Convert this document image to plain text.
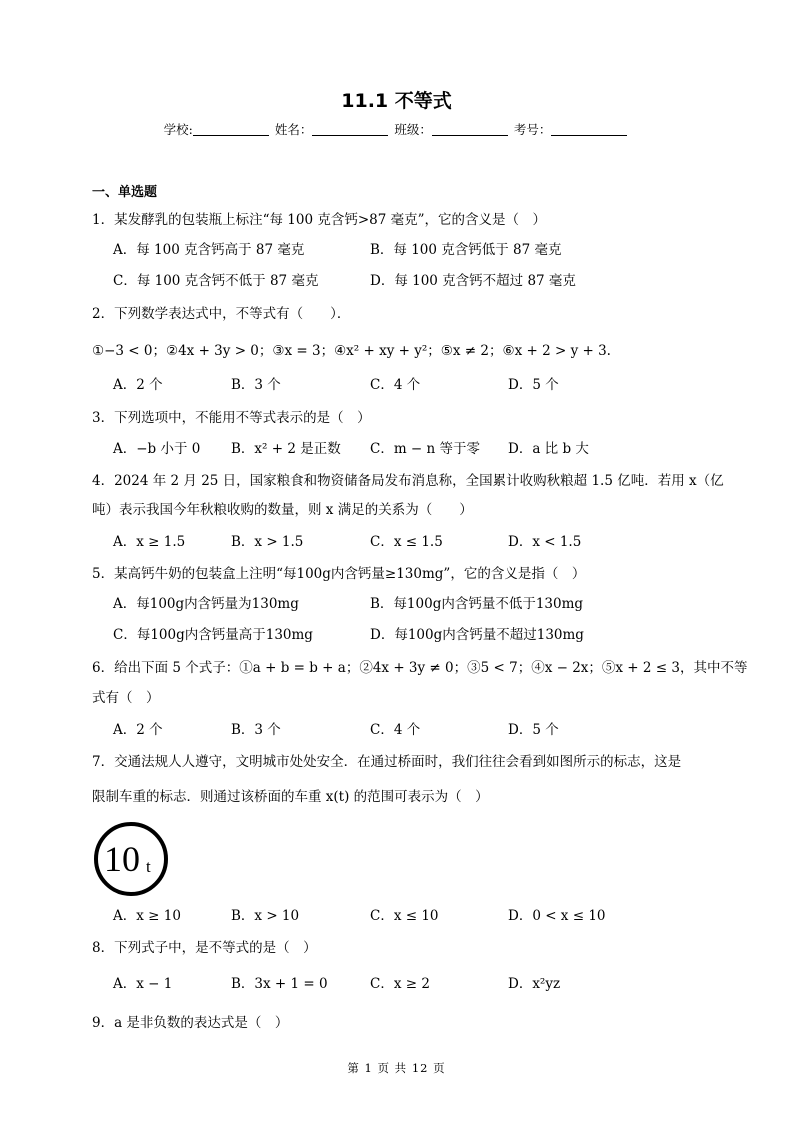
11.1 不等式
学校:	姓名：	班级：	考号：
一、单选题
1．某发酵乳的包装瓶上标注“每 100 克含钙>87 毫克”，它的含义是（　）
A．每 100 克含钙高于 87 毫克	B．每 100 克含钙低于 87 毫克
C．每 100 克含钙不低于 87 毫克	D．每 100 克含钙不超过 87 毫克
2．下列数学表达式中，不等式有（　　）．
①−3 < 0；②4x + 3y > 0；③x = 3；④x² + xy + y²；⑤x ≠ 2；⑥x + 2 > y + 3.
A．2 个	B．3 个	C．4 个	D．5 个
3．下列选项中，不能用不等式表示的是（　）
A．−b 小于 0 B．x² + 2 是正数 C．m − n 等于零 D．a 比 b 大
4．2024 年 2 月 25 日，国家粮食和物资储备局发布消息称，全国累计收购秋粮超 1.5 亿吨．若用 x（亿
吨）表示我国今年秋粮收购的数量，则 x 满足的关系为（　　）
A．x ≥ 1.5	B．x > 1.5	C．x ≤ 1.5	D．x < 1.5
5．某高钙牛奶的包装盒上注明“每100g内含钙量≥130mg”，它的含义是指（　）
A．每100g内含钙量为130mg	B．每100g内含钙量不低于130mg
C．每100g内含钙量高于130mg	D．每100g内含钙量不超过130mg
6．给出下面 5 个式子：①a + b = b + a；②4x + 3y ≠ 0；③5 < 7；④x − 2x；⑤x + 2 ≤ 3，其中不等
式有（　）
A．2 个	B．3 个	C．4 个	D．5 个
7．交通法规人人遵守，文明城市处处安全．在通过桥面时，我们往往会看到如图所示的标志，这是
限制车重的标志．则通过该桥面的车重 x(t) 的范围可表示为（　）
10 t
A．x ≥ 10	B．x > 10	C．x ≤ 10	D．0 < x ≤ 10
8．下列式子中，是不等式的是（　）
A．x − 1	B．3x + 1 = 0	C．x ≥ 2	D．x²yz
9．a 是非负数的表达式是（　）
第 1 页 共 12 页
